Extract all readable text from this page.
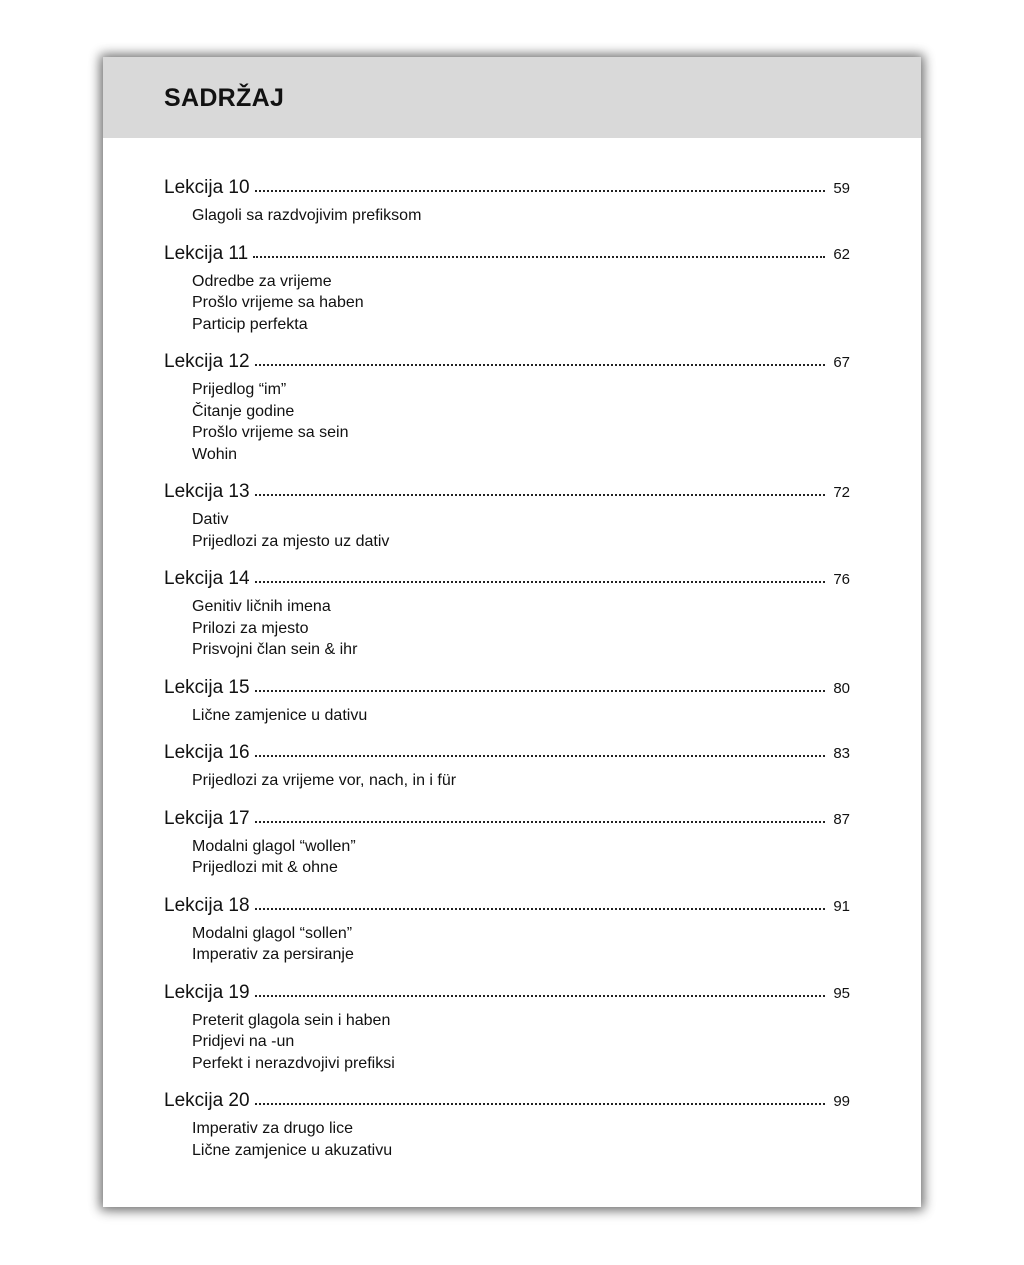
SADRŽAJ
Lekcija 10	59
Glagoli sa razdvojivim prefiksom
Lekcija 11	62
Odredbe za vrijeme
Prošlo vrijeme sa haben
Particip perfekta
Lekcija 12	67
Prijedlog “im”
Čitanje godine
Prošlo vrijeme sa sein
Wohin
Lekcija 13	72
Dativ
Prijedlozi za mjesto uz dativ
Lekcija 14	76
Genitiv ličnih imena
Prilozi za mjesto
Prisvojni član sein & ihr
Lekcija 15	80
Lične zamjenice u dativu
Lekcija 16	83
Prijedlozi za vrijeme vor, nach, in i für
Lekcija 17	87
Modalni glagol “wollen”
Prijedlozi mit & ohne
Lekcija 18	91
Modalni glagol “sollen”
Imperativ za persiranje
Lekcija 19	95
Preterit glagola sein i haben
Pridjevi na -un
Perfekt i nerazdvojivi prefiksi
Lekcija 20	99
Imperativ za drugo lice
Lične zamjenice u akuzativu
